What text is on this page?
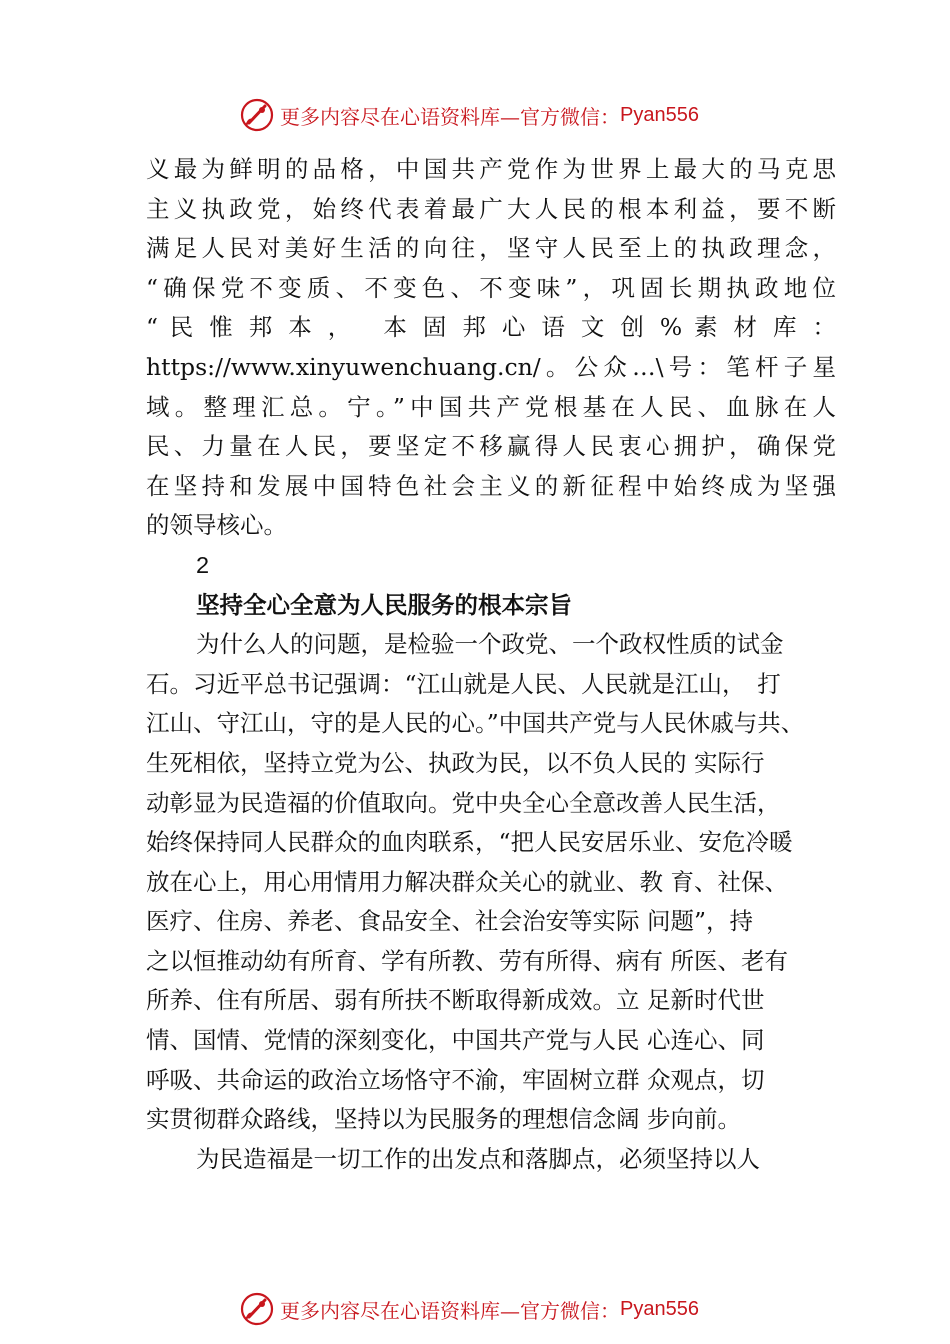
更多内容尽在心语资料库—官方微信： Pyan556
义最为鲜明的品格，中国共产党作为世界上最大的马克思
主义执政党，始终代表着最广大人民的根本利益，要不断
满足人民对美好生活的向往，坚守人民至上的执政理念，
“确保党不变质、不变色、不变味”，巩固长期执政地位
“ 民 惟 邦 本 ，　 本 固 邦 心 语 文 创 % 素 材 库 ：
https://www.xinyuwenchuang.cn/。公众…\号：笔杆子星
域。整理汇总。宁。”中国共产党根基在人民、血脉在人
民、力量在人民，要坚定不移赢得人民衷心拥护，确保党
在坚持和发展中国特色社会主义的新征程中始终成为坚强
的领导核心。
2
坚持全心全意为人民服务的根本宗旨
为什么人的问题，是检验一个政党、一个政权性质的试金
石。习近平总书记强调：“江山就是人民、人民就是江山，　打
江山、守江山，守的是人民的心。”中国共产党与人民休戚与共、
生死相依，坚持立党为公、执政为民，以不负人民的 实际行
动彰显为民造福的价值取向。党中央全心全意改善人民生活，
始终保持同人民群众的血肉联系，“把人民安居乐业、安危冷暖
放在心上，用心用情用力解决群众关心的就业、教 育、社保、
医疗、住房、养老、食品安全、社会治安等实际 问题”，持
之以恒推动幼有所育、学有所教、劳有所得、病有 所医、老有
所养、住有所居、弱有所扶不断取得新成效。立 足新时代世
情、国情、党情的深刻变化，中国共产党与人民 心连心、同
呼吸、共命运的政治立场恪守不渝，牢固树立群 众观点，切
实贯彻群众路线，坚持以为民服务的理想信念阔 步向前。
为民造福是一切工作的出发点和落脚点，必须坚持以人
更多内容尽在心语资料库—官方微信： Pyan556
